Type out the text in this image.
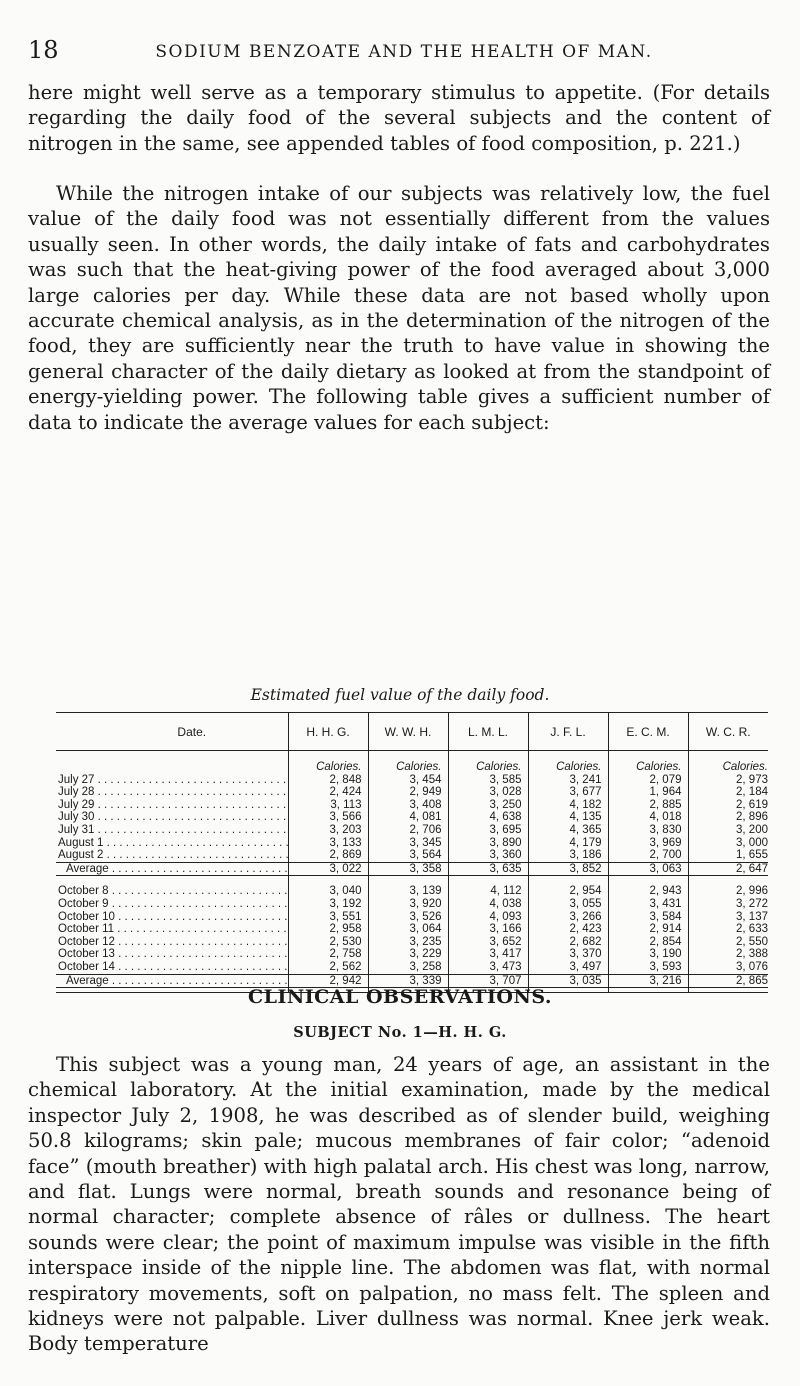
18	SODIUM BENZOATE AND THE HEALTH OF MAN.

here might well serve as a temporary stimulus to appetite. (For details regarding the daily food of the several subjects and the content of nitrogen in the same, see appended tables of food composition, p. 221.)

While the nitrogen intake of our subjects was relatively low, the fuel value of the daily food was not essentially different from the values usually seen. In other words, the daily intake of fats and carbohydrates was such that the heat-giving power of the food averaged about 3,000 large calories per day. While these data are not based wholly upon accurate chemical analysis, as in the determination of the nitrogen of the food, they are sufficiently near the truth to have value in showing the general character of the daily dietary as looked at from the standpoint of energy-yielding power. The following table gives a sufficient number of data to indicate the average values for each subject:

Estimated fuel value of the daily food.
Date.	H. H. G.	W. W. H.	L. M. L.	J. F. L.	E. C. M.	W. C. R.
	Calories.	Calories.	Calories.	Calories.	Calories.	Calories.
July 27 . . .	2, 848	3, 454	3, 585	3, 241	2, 079	2, 973
July 28 . . .	2, 424	2, 949	3, 028	3, 677	1, 964	2, 184
July 29 . . .	3, 113	3, 408	3, 250	4, 182	2, 885	2, 619
July 30 . . .	3, 566	4, 081	4, 638	4, 135	4, 018	2, 896
July 31 . . .	3, 203	2, 706	3, 695	4, 365	3, 830	3, 200
August 1 . . .	3, 133	3, 345	3, 890	4, 179	3, 969	3, 000
August 2 . . .	2, 869	3, 564	3, 360	3, 186	2, 700	1, 655
Average . . .	3, 022	3, 358	3, 635	3, 852	3, 063	2, 647

October 8 . . .	3, 040	3, 139	4, 112	2, 954	2, 943	2, 996
October 9 . . .	3, 192	3, 920	4, 038	3, 055	3, 431	3, 272
October 10 . . .	3, 551	3, 526	4, 093	3, 266	3, 584	3, 137
October 11 . . .	2, 958	3, 064	3, 166	2, 423	2, 914	2, 633
October 12 . . .	2, 530	3, 235	3, 652	2, 682	2, 854	2, 550
October 13 . . .	2, 758	3, 229	3, 417	3, 370	3, 190	2, 388
October 14 . . .	2, 562	3, 258	3, 473	3, 497	3, 593	3, 076
Average . . .	2, 942	3, 339	3, 707	3, 035	3, 216	2, 865

CLINICAL OBSERVATIONS.
SUBJECT No. 1—H. H. G.

This subject was a young man, 24 years of age, an assistant in the chemical laboratory. At the initial examination, made by the medical inspector July 2, 1908, he was described as of slender build, weighing 50.8 kilograms; skin pale; mucous membranes of fair color; “adenoid face” (mouth breather) with high palatal arch. His chest was long, narrow, and flat. Lungs were normal, breath sounds and resonance being of normal character; complete absence of râles or dullness. The heart sounds were clear; the point of maximum impulse was visible in the fifth interspace inside of the nipple line. The abdomen was flat, with normal respiratory movements, soft on palpation, no mass felt. The spleen and kidneys were not palpable. Liver dullness was normal. Knee jerk weak. Body temperature
